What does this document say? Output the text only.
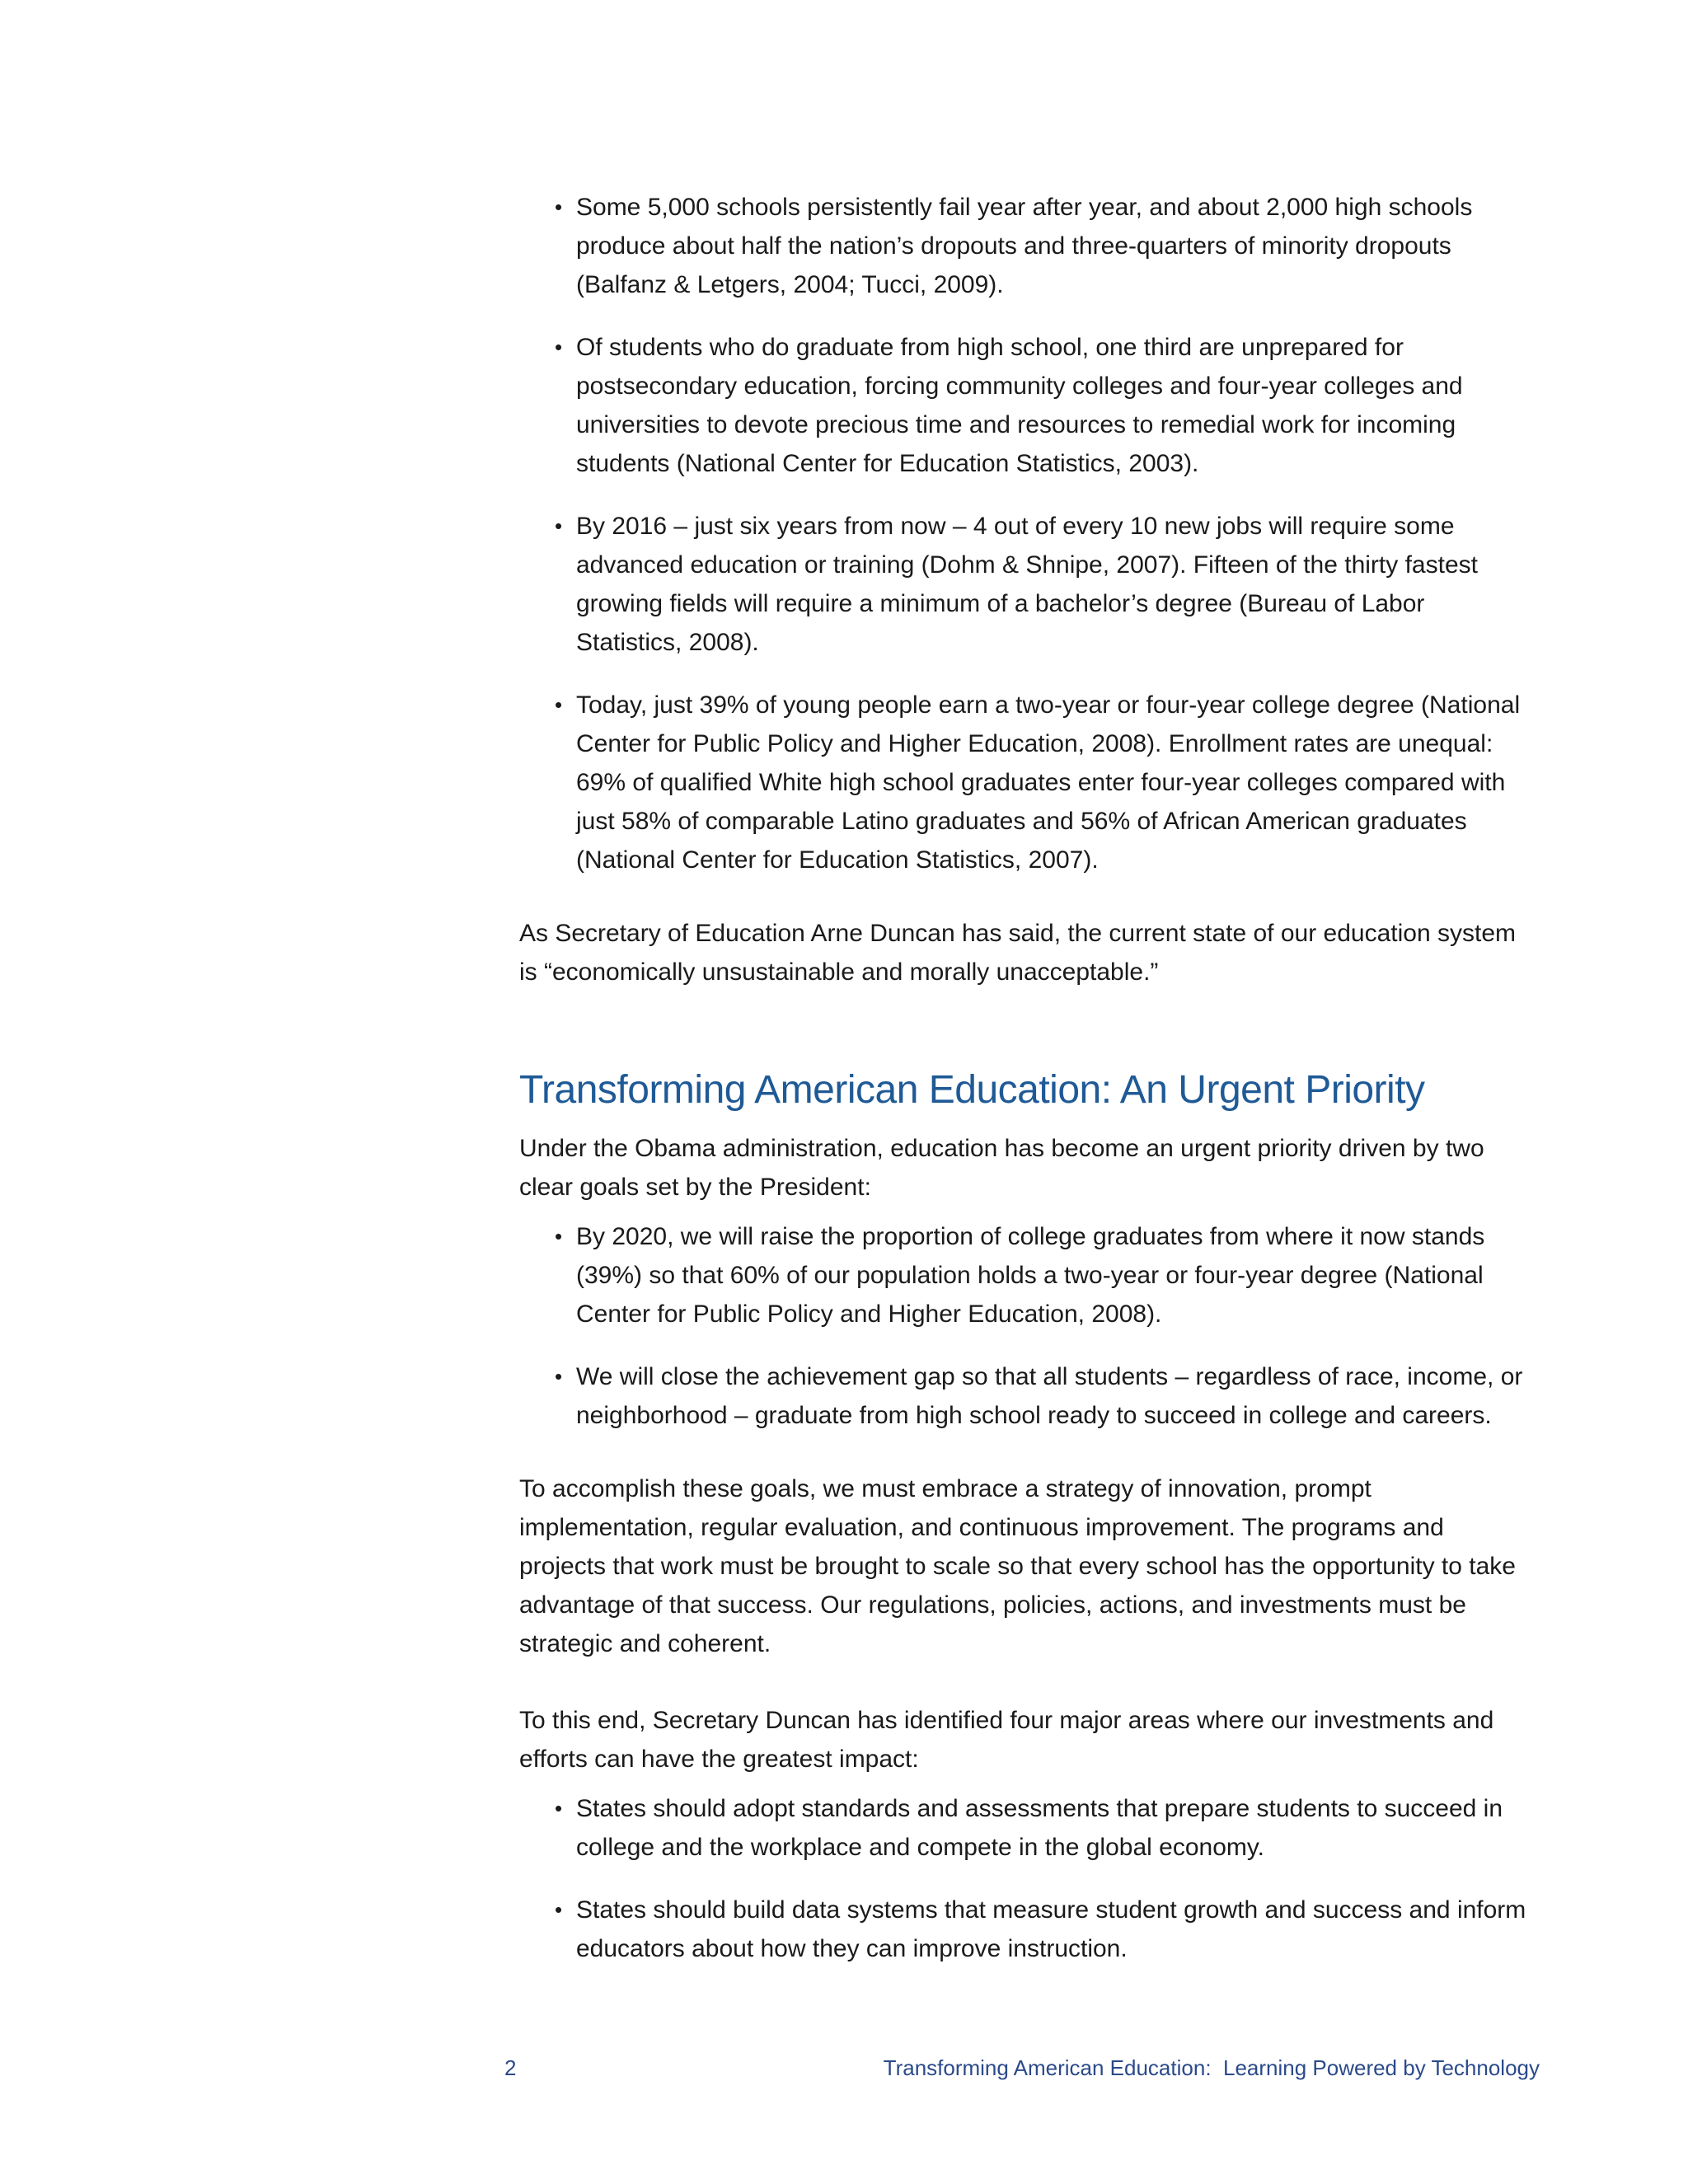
• Some 5,000 schools persistently fail year after year, and about 2,000 high schools produce about half the nation’s dropouts and three-quarters of minority dropouts (Balfanz & Letgers, 2004; Tucci, 2009).
• Of students who do graduate from high school, one third are unprepared for postsecondary education, forcing community colleges and four-year colleges and universities to devote precious time and resources to remedial work for incoming students (National Center for Education Statistics, 2003).
• By 2016 – just six years from now – 4 out of every 10 new jobs will require some advanced education or training (Dohm & Shnipe, 2007). Fifteen of the thirty fastest growing fields will require a minimum of a bachelor’s degree (Bureau of Labor Statistics, 2008).
• Today, just 39% of young people earn a two-year or four-year college degree (National Center for Public Policy and Higher Education, 2008). Enrollment rates are unequal: 69% of qualified White high school graduates enter four-year colleges compared with just 58% of comparable Latino graduates and 56% of African American graduates (National Center for Education Statistics, 2007).

As Secretary of Education Arne Duncan has said, the current state of our education system is “economically unsustainable and morally unacceptable.”

Transforming American Education: An Urgent Priority

Under the Obama administration, education has become an urgent priority driven by two clear goals set by the President:

• By 2020, we will raise the proportion of college graduates from where it now stands (39%) so that 60% of our population holds a two-year or four-year degree (National Center for Public Policy and Higher Education, 2008).
• We will close the achievement gap so that all students – regardless of race, income, or neighborhood – graduate from high school ready to succeed in college and careers.

To accomplish these goals, we must embrace a strategy of innovation, prompt implementation, regular evaluation, and continuous improvement. The programs and projects that work must be brought to scale so that every school has the opportunity to take advantage of that success. Our regulations, policies, actions, and investments must be strategic and coherent.

To this end, Secretary Duncan has identified four major areas where our investments and efforts can have the greatest impact:

• States should adopt standards and assessments that prepare students to succeed in college and the workplace and compete in the global economy.
• States should build data systems that measure student growth and success and inform educators about how they can improve instruction.
2	Transforming American Education:  Learning Powered by Technology
